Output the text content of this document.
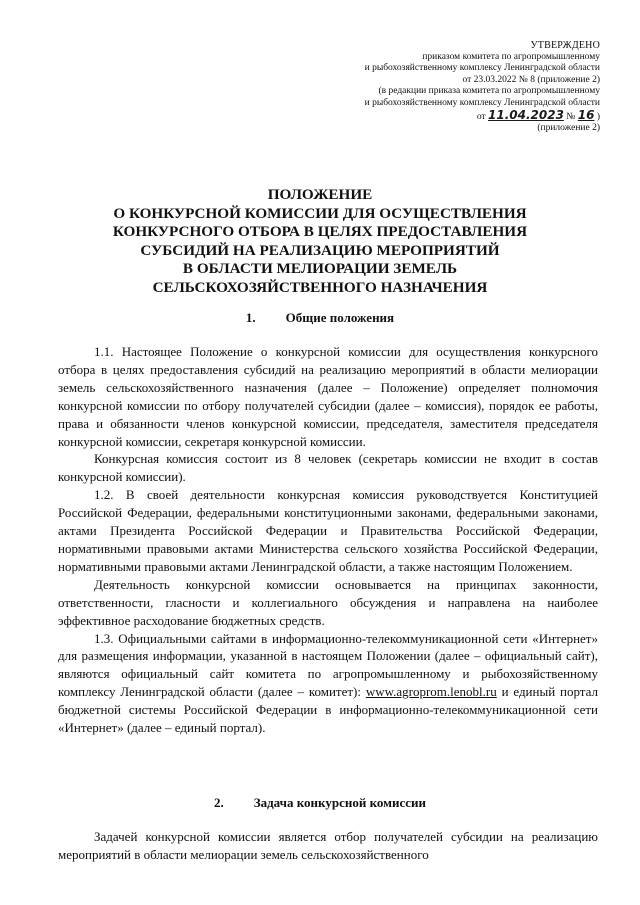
УТВЕРЖДЕНО
приказом комитета по агропромышленному
и рыбохозяйственному комплексу Ленинградской области
от 23.03.2022 № 8 (приложение 2)
(в редакции приказа комитета по агропромышленному
и рыбохозяйственному комплексу Ленинградской области
от 11.04.2023 № 16 )
(приложение 2)
ПОЛОЖЕНИЕ
О КОНКУРСНОЙ КОМИССИИ ДЛЯ ОСУЩЕСТВЛЕНИЯ
КОНКУРСНОГО ОТБОРА В ЦЕЛЯХ ПРЕДОСТАВЛЕНИЯ
СУБСИДИЙ НА РЕАЛИЗАЦИЮ МЕРОПРИЯТИЙ
В ОБЛАСТИ МЕЛИОРАЦИИ ЗЕМЕЛЬ
СЕЛЬСКОХОЗЯЙСТВЕННОГО НАЗНАЧЕНИЯ
1. Общие положения

1.1. Настоящее Положение о конкурсной комиссии для осуществления конкурсного отбора в целях предоставления субсидий на реализацию мероприятий в области мелиорации земель сельскохозяйственного назначения (далее – Положение) определяет полномочия конкурсной комиссии по отбору получателей субсидии (далее – комиссия), порядок ее работы, права и обязанности членов конкурсной комиссии, председателя, заместителя председателя конкурсной комиссии, секретаря конкурсной комиссии.

Конкурсная комиссия состоит из 8 человек (секретарь комиссии не входит в состав конкурсной комиссии).

1.2. В своей деятельности конкурсная комиссия руководствуется Конституцией Российской Федерации, федеральными конституционными законами, федеральными законами, актами Президента Российской Федерации и Правительства Российской Федерации, нормативными правовыми актами Министерства сельского хозяйства Российской Федерации, нормативными правовыми актами Ленинградской области, а также настоящим Положением.

Деятельность конкурсной комиссии основывается на принципах законности, ответственности, гласности и коллегиального обсуждения и направлена на наиболее эффективное расходование бюджетных средств.

1.3. Официальными сайтами в информационно-телекоммуникационной сети «Интернет» для размещения информации, указанной в настоящем Положении (далее – официальный сайт), являются официальный сайт комитета по агропромышленному и рыбохозяйственному комплексу Ленинградской области (далее – комитет): www.agroprom.lenobl.ru и единый портал бюджетной системы Российской Федерации в информационно-телекоммуникационной сети «Интернет» (далее – единый портал).

2. Задача конкурсной комиссии

Задачей конкурсной комиссии является отбор получателей субсидии на реализацию мероприятий в области мелиорации земель сельскохозяйственного
